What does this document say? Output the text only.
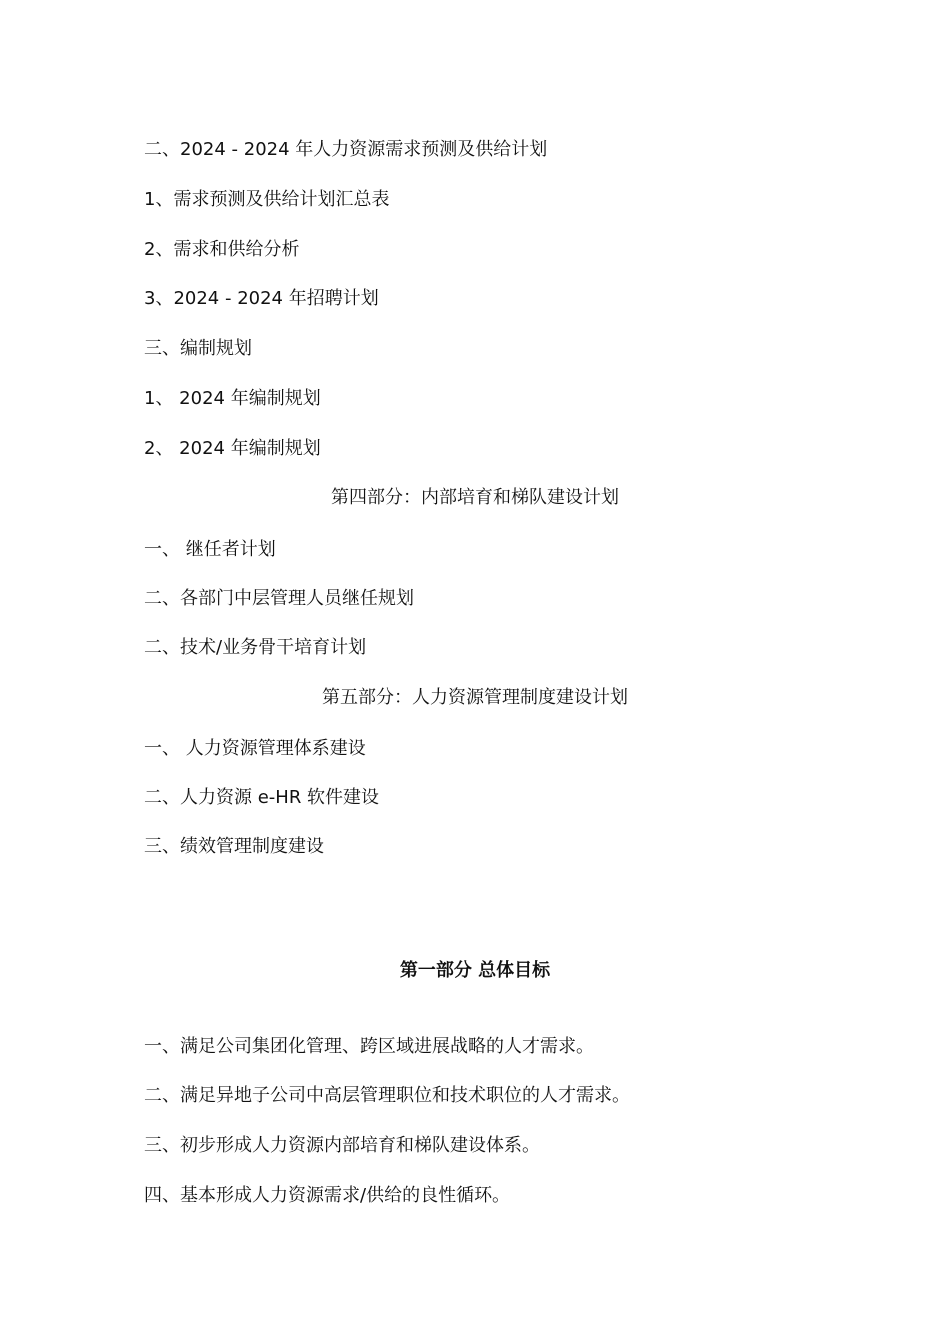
二、2024 - 2024 年人力资源需求预测及供给计划
1、需求预测及供给计划汇总表
2、需求和供给分析
3、2024 - 2024 年招聘计划
三、编制规划
1、 2024 年编制规划
2、 2024 年编制规划
第四部分：内部培育和梯队建设计划
一、 继任者计划
二、各部门中层管理人员继任规划
二、技术/业务骨干培育计划
第五部分：人力资源管理制度建设计划
一、 人力资源管理体系建设
二、人力资源 e-HR 软件建设
三、绩效管理制度建设
第一部分 总体目标
一、满足公司集团化管理、跨区域进展战略的人才需求。
二、满足异地子公司中高层管理职位和技术职位的人才需求。
三、初步形成人力资源内部培育和梯队建设体系。
四、基本形成人力资源需求/供给的良性循环。
